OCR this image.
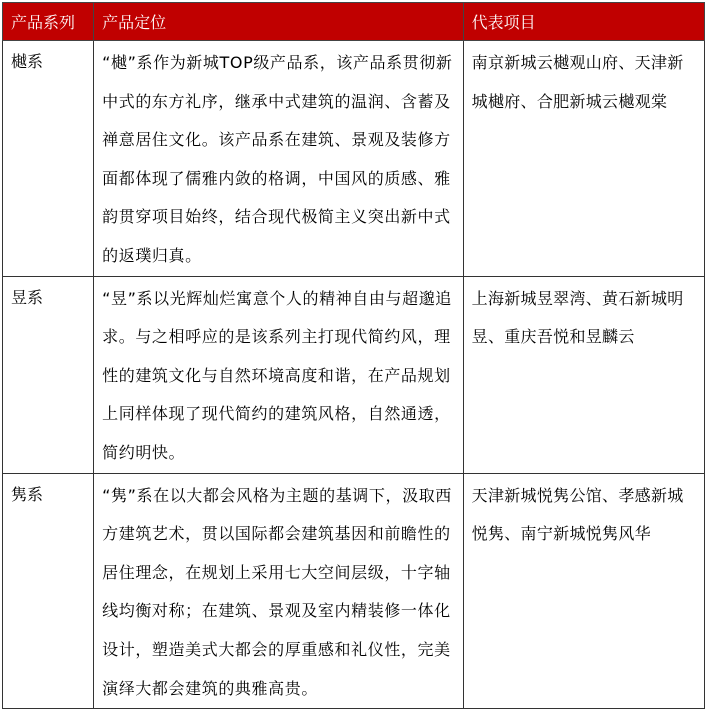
产品系列	产品定位	代表项目
樾系	“樾”系作为新城TOP级产品系，该产品系贯彻新中式的东方礼序，继承中式建筑的温润、含蓄及禅意居住文化。该产品系在建筑、景观及装修方面都体现了儒雅内敛的格调，中国风的质感、雅韵贯穿项目始终，结合现代极简主义突出新中式的返璞归真。	南京新城云樾观山府、天津新城樾府、合肥新城云樾观棠
昱系	“昱”系以光辉灿烂寓意个人的精神自由与超邈追求。与之相呼应的是该系列主打现代简约风，理性的建筑文化与自然环境高度和谐，在产品规划上同样体现了现代简约的建筑风格，自然通透，简约明快。	上海新城昱翠湾、黄石新城明昱、重庆吾悦和昱麟云
隽系	“隽”系在以大都会风格为主题的基调下，汲取西方建筑艺术，贯以国际都会建筑基因和前瞻性的居住理念，在规划上采用七大空间层级，十字轴线均衡对称；在建筑、景观及室内精装修一体化设计，塑造美式大都会的厚重感和礼仪性，完美演绎大都会建筑的典雅高贵。	天津新城悦隽公馆、孝感新城悦隽、南宁新城悦隽风华
